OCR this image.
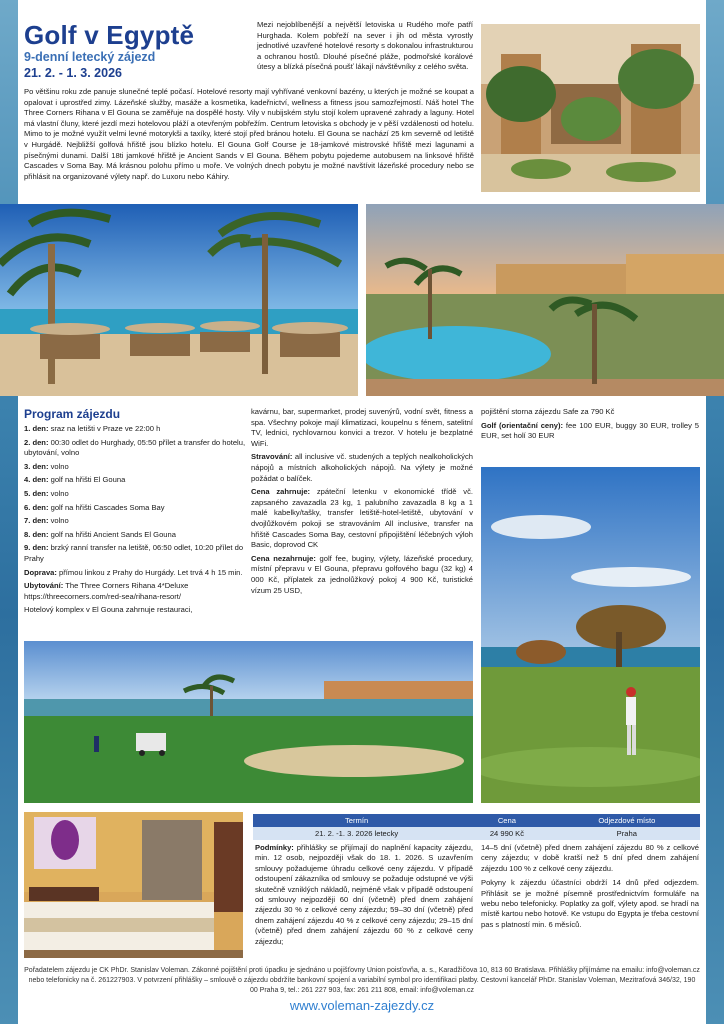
Golf v Egyptě
9-denní letecký zájezd
21. 2. - 1. 3. 2026
Mezi nejoblíbenější a největší letoviska u Rudého moře patří Hurghada. Kolem pobřeží na sever i jih od města vyrostly jednotlivé uzavřené hotelové resorty s dokonalou infrastrukturou a ochranou hostů. Dlouhé písečné pláže, podmořské korálové útesy a blízká písečná poušť lákají návštěvníky z celého světa.
Po většinu roku zde panuje slunečné teplé počasí. Hotelové resorty mají vyhřívané venkovní bazény, u kterých je možné se koupat a opalovat i uprostřed zimy. Lázeňské služby, masáže a kosmetika, kadeřnictví, wellness a fitness jsou samozřejmostí. Náš hotel The Three Corners Rihana v El Gouna se zaměřuje na dospělé hosty. Vily v nubijském stylu stojí kolem upravené zahrady a laguny. Hotel má vlastní čluny, které jezdí mezi hotelovou pláží a otevřeným pobřežím. Centrum letoviska s obchody je v pěší vzdálenosti od hotelu. Mimo to je možné využít velmi levné motorykši a taxíky, které stojí před bránou hotelu. El Gouna se nachází 25 km severně od letiště v Hurgádě. Nejbližší golfová hřiště jsou blízko hotelu. El Gouna Golf Course je 18-jamkové mistrovské hřiště mezi lagunami a písečnými dunami. Další 18ti jamkové hřiště je Ancient Sands v El Gouna. Během pobytu pojedeme autobusem na linksové hřiště Cascades v Soma Bay. Má krásnou polohu přímo u moře. Ve volných dnech pobytu je možné navštívit lázeňské procedury nebo se přihlásit na organizované výlety např. do Luxoru nebo Káhiry.
Program zájezdu

1. den: sraz na letišti v Praze ve 22:00 h

2. den: 00:30 odlet do Hurghady, 05:50 přílet a transfer do hotelu, ubytování, volno

3. den: volno

4. den: golf na hřišti El Gouna

5. den: volno

6. den: golf na hřišti Cascades Soma Bay

7. den: volno

8. den: golf na hřišti Ancient Sands El Gouna

9. den: brzký ranní transfer na letiště, 06:50 odlet, 10:20 přílet do Prahy

Doprava: přímou linkou z Prahy do Hurgády. Let trvá 4 h 15 min.

Ubytování: The Three Corners Rihana 4*Deluxe https://threecorners.com/red-sea/rihana-resort/

Hotelový komplex v El Gouna zahrnuje restauraci,

kavárnu, bar, supermarket, prodej suvenýrů, vodní svět, fitness a spa. Všechny pokoje mají klimatizaci, koupelnu s fénem, satelitní TV, lednici, rychlovarnou konvici a trezor. V hotelu je bezplatné WiFi.

Stravování: all inclusive vč. studených a teplých nealkoholických nápojů a místních alkoholických nápojů. Na výlety je možné požádat o balíček.

Cena zahrnuje: zpáteční letenku v ekonomické třídě vč. zapsaného zavazadla 23 kg, 1 palubního zavazadla 8 kg a 1 malé kabelky/tašky, transfer letiště-hotel-letiště, ubytování v dvojlůžkovém pokoji se stravováním All inclusive, transfer na hřiště Cascades Soma Bay, cestovní připojištění léčebných výloh Basic, doprovod CK

Cena nezahrnuje: golf fee, buginy, výlety, lázeňské procedury, místní přepravu v El Gouna, přepravu golfového bagu (32 kg) 4 000 Kč, příplatek za jednolůžkový pokoj 4 900 Kč, turistické vízum 25 USD,

pojištění storna zájezdu Safe za 790 Kč

Golf (orientační ceny): fee 100 EUR, buggy 30 EUR, trolley 5 EUR, set holí 30 EUR

Termín	Cena	Odjezdové místo
21. 2. -1. 3. 2026 letecky	24 990 Kč	Praha
Podmínky: přihlášky se přijímají do naplnění kapacity zájezdu, min. 12 osob, nejpozději však do 18. 1. 2026. S uzavřením smlouvy požadujeme úhradu celkové ceny zájezdu. V případě odstoupení zákazníka od smlouvy se požaduje odstupné ve výši skutečně vzniklých nákladů, nejméně však v případě odstoupení od smlouvy nejpozději 60 dní (včetně) před dnem zahájení zájezdu 30 % z celkové ceny zájezdu; 59–30 dní (včetně) před dnem zahájení zájezdu 40 % z celkové ceny zájezdu; 29–15 dní (včetně) před dnem zahájení zájezdu 60 % z celkové ceny zájezdu;

14–5 dní (včetně) před dnem zahájení zájezdu 80 % z celkové ceny zájezdu; v době kratší než 5 dní před dnem zahájení zájezdu 100 % z celkové ceny zájezdu.

Pokyny k zájezdu účastníci obdrží 14 dnů před odjezdem. Přihlásit se je možné písemně prostřednictvím formuláře na webu nebo telefonicky. Poplatky za golf, výlety apod. se hradí na místě kartou nebo hotově. Ke vstupu do Egypta je třeba cestovní pas s platností min. 6 měsíců.

Pořadatelem zájezdu je CK PhDr. Stanislav Voleman. Zákonné pojištění proti úpadku je sjednáno u pojišťovny Union poisťovňa, a. s., Karadžičova 10, 813 60 Bratislava. Přihlášky přijímáme na emailu: info@voleman.cz nebo telefonicky na č. 261227903. V potvrzení přihlášky – smlouvě o zájezdu obdržíte bankovní spojení a variabilní symbol pro identifikaci platby. Cestovní kancelář PhDr. Stanislav Voleman, Mezitraťová 346/32, 190 00 Praha 9, tel.: 261 227 903, fax: 261 211 808, email: info@voleman.cz
www.voleman-zajezdy.cz
